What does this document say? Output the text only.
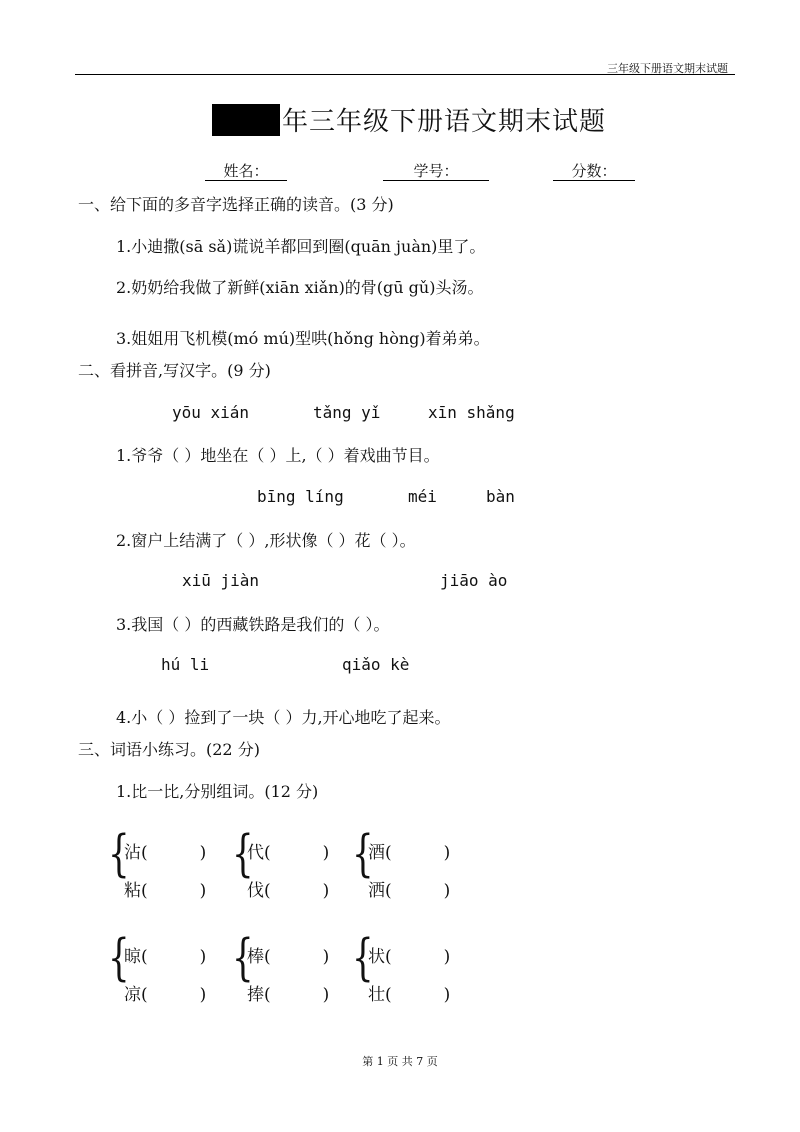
三年级下册语文期末试题
年三年级下册语文期末试题
姓名：	学号：	分数：
一、给下面的多音字选择正确的读音。(3 分)
1.小迪撒(sā sǎ)谎说羊都回到圈(quān juàn)里了。
2.奶奶给我做了新鲜(xiān xiǎn)的骨(gū gǔ)头汤。
3.姐姐用飞机模(mó mú)型哄(hǒng hòng)着弟弟。
二、看拼音,写汉字。(9 分)
yōu xián	tǎng yǐ	xīn shǎng
1.爷爷（ ）地坐在（ ）上,（ ）着戏曲节目。
bīng líng	méi	bàn
2.窗户上结满了（ ）,形状像（ ）花（ ）。
xiū jiàn	jiāo ào
3.我国（ ）的西藏铁路是我们的（ ）。
hú li	qiǎo kè
4.小（ ）捡到了一块（ ）力,开心地吃了起来。
三、词语小练习。(22 分)
1.比一比,分别组词。(12 分)
{
沾(	)
粘(	)
{
代(	)
伐(	)
{
酒(	)
洒(	)
{
晾(	)
凉(	)
{
棒(	)
捧(	)
{
状(	)
壮(	)
第 1 页 共 7 页
